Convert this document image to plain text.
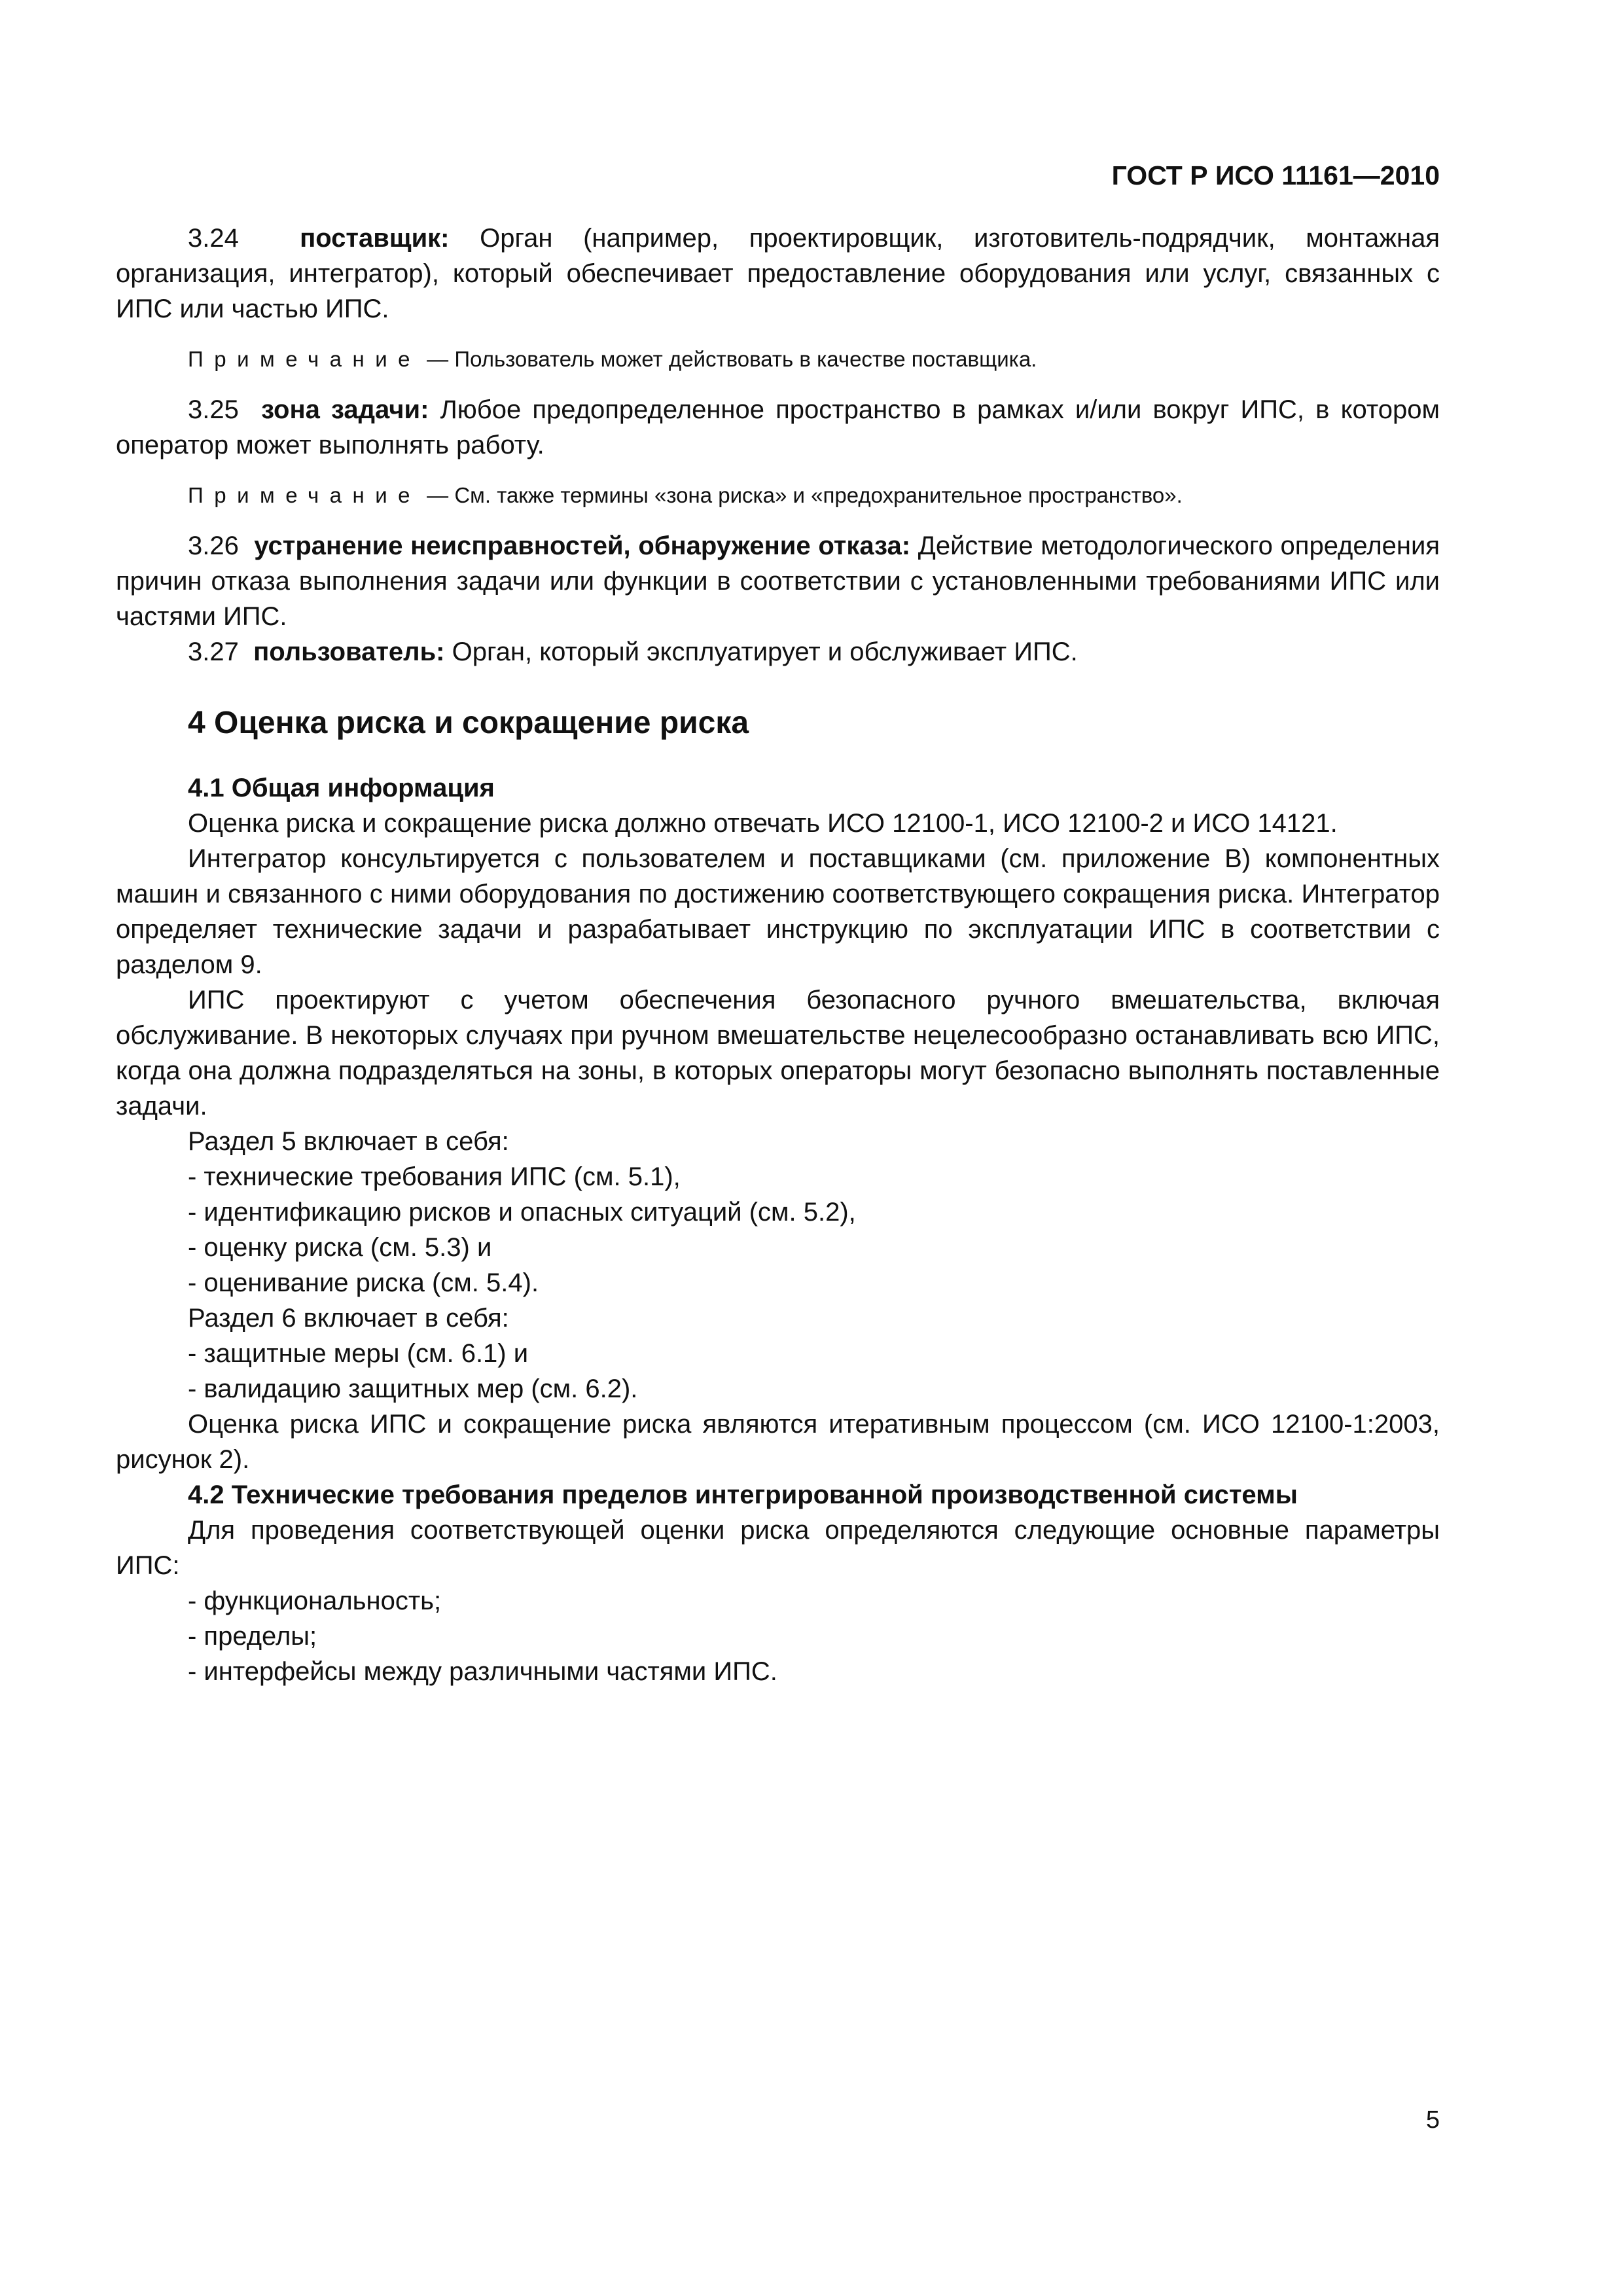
ГОСТ Р ИСО 11161—2010

3.24 поставщик: Орган (например, проектировщик, изготовитель-подрядчик, монтажная организация, интегратор), который обеспечивает предоставление оборудования или услуг, связанных с ИПС или частью ИПС.

Примечание — Пользователь может действовать в качестве поставщика.

3.25 зона задачи: Любое предопределенное пространство в рамках и/или вокруг ИПС, в котором оператор может выполнять работу.

Примечание — См. также термины «зона риска» и «предохранительное пространство».

3.26 устранение неисправностей, обнаружение отказа: Действие методологического определения причин отказа выполнения задачи или функции в соответствии с установленными требованиями ИПС или частями ИПС.

3.27 пользователь: Орган, который эксплуатирует и обслуживает ИПС.

4 Оценка риска и сокращение риска

4.1 Общая информация

Оценка риска и сокращение риска должно отвечать ИСО 12100-1, ИСО 12100-2 и ИСО 14121.

Интегратор консультируется с пользователем и поставщиками (см. приложение В) компонентных машин и связанного с ними оборудования по достижению соответствующего сокращения риска. Интегратор определяет технические задачи и разрабатывает инструкцию по эксплуатации ИПС в соответствии с разделом 9.

ИПС проектируют с учетом обеспечения безопасного ручного вмешательства, включая обслуживание. В некоторых случаях при ручном вмешательстве нецелесообразно останавливать всю ИПС, когда она должна подразделяться на зоны, в которых операторы могут безопасно выполнять поставленные задачи.

Раздел 5 включает в себя:

- технические требования ИПС (см. 5.1),

- идентификацию рисков и опасных ситуаций (см. 5.2),

- оценку риска (см. 5.3) и

- оценивание риска (см. 5.4).

Раздел 6 включает в себя:

- защитные меры (см. 6.1) и

- валидацию защитных мер (см. 6.2).

Оценка риска ИПС и сокращение риска являются итеративным процессом (см. ИСО 12100-1:2003, рисунок 2).

4.2 Технические требования пределов интегрированной производственной системы

Для проведения соответствующей оценки риска определяются следующие основные параметры ИПС:

- функциональность;

- пределы;

- интерфейсы между различными частями ИПС.

5
